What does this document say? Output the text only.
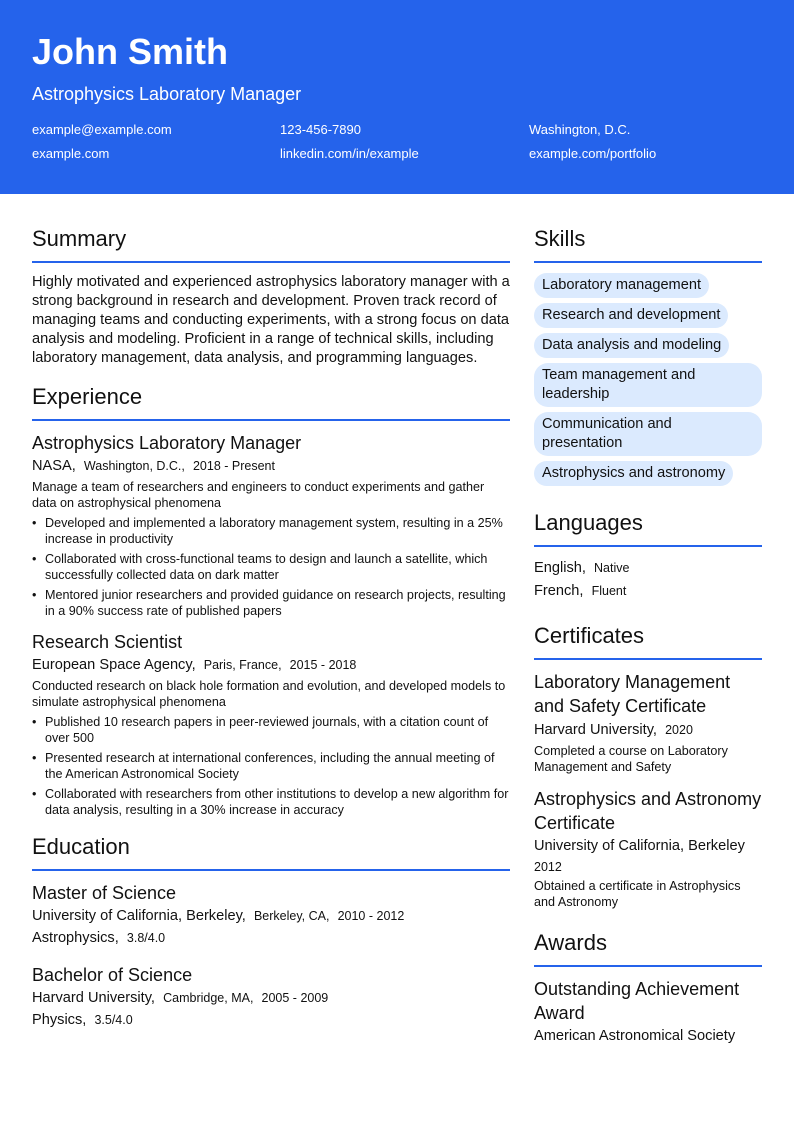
John Smith
Astrophysics Laboratory Manager
example@example.com	123-456-7890	Washington, D.C.
example.com	linkedin.com/in/example	example.com/portfolio
Summary

Highly motivated and experienced astrophysics laboratory manager with a strong background in research and development. Proven track record of managing teams and conducting experiments, with a strong focus on data analysis and modeling. Proficient in a range of technical skills, including laboratory management, data analysis, and programming languages.

Experience
Astrophysics Laboratory Manager
NASA, Washington, D.C., 2018 - Present
Manage a team of researchers and engineers to conduct experiments and gather data on astrophysical phenomena
• Developed and implemented a laboratory management system, resulting in a 25% increase in productivity
• Collaborated with cross-functional teams to design and launch a satellite, which successfully collected data on dark matter
• Mentored junior researchers and provided guidance on research projects, resulting in a 90% success rate of published papers
Research Scientist
European Space Agency, Paris, France, 2015 - 2018
Conducted research on black hole formation and evolution, and developed models to simulate astrophysical phenomena
• Published 10 research papers in peer-reviewed journals, with a citation count of over 500
• Presented research at international conferences, including the annual meeting of the American Astronomical Society
• Collaborated with researchers from other institutions to develop a new algorithm for data analysis, resulting in a 30% increase in accuracy
Education
Master of Science
University of California, Berkeley, Berkeley, CA, 2010 - 2012
Astrophysics, 3.8/4.0
Bachelor of Science
Harvard University, Cambridge, MA, 2005 - 2009
Physics, 3.5/4.0
Skills
Laboratory management
Research and development
Data analysis and modeling
Team management and leadership
Communication and presentation
Astrophysics and astronomy
Languages
English, Native
French, Fluent
Certificates
Laboratory Management and Safety Certificate
Harvard University, 2020
Completed a course on Laboratory Management and Safety
Astrophysics and Astronomy Certificate
University of California, Berkeley
2012
Obtained a certificate in Astrophysics and Astronomy
Awards
Outstanding Achievement Award
American Astronomical Society
